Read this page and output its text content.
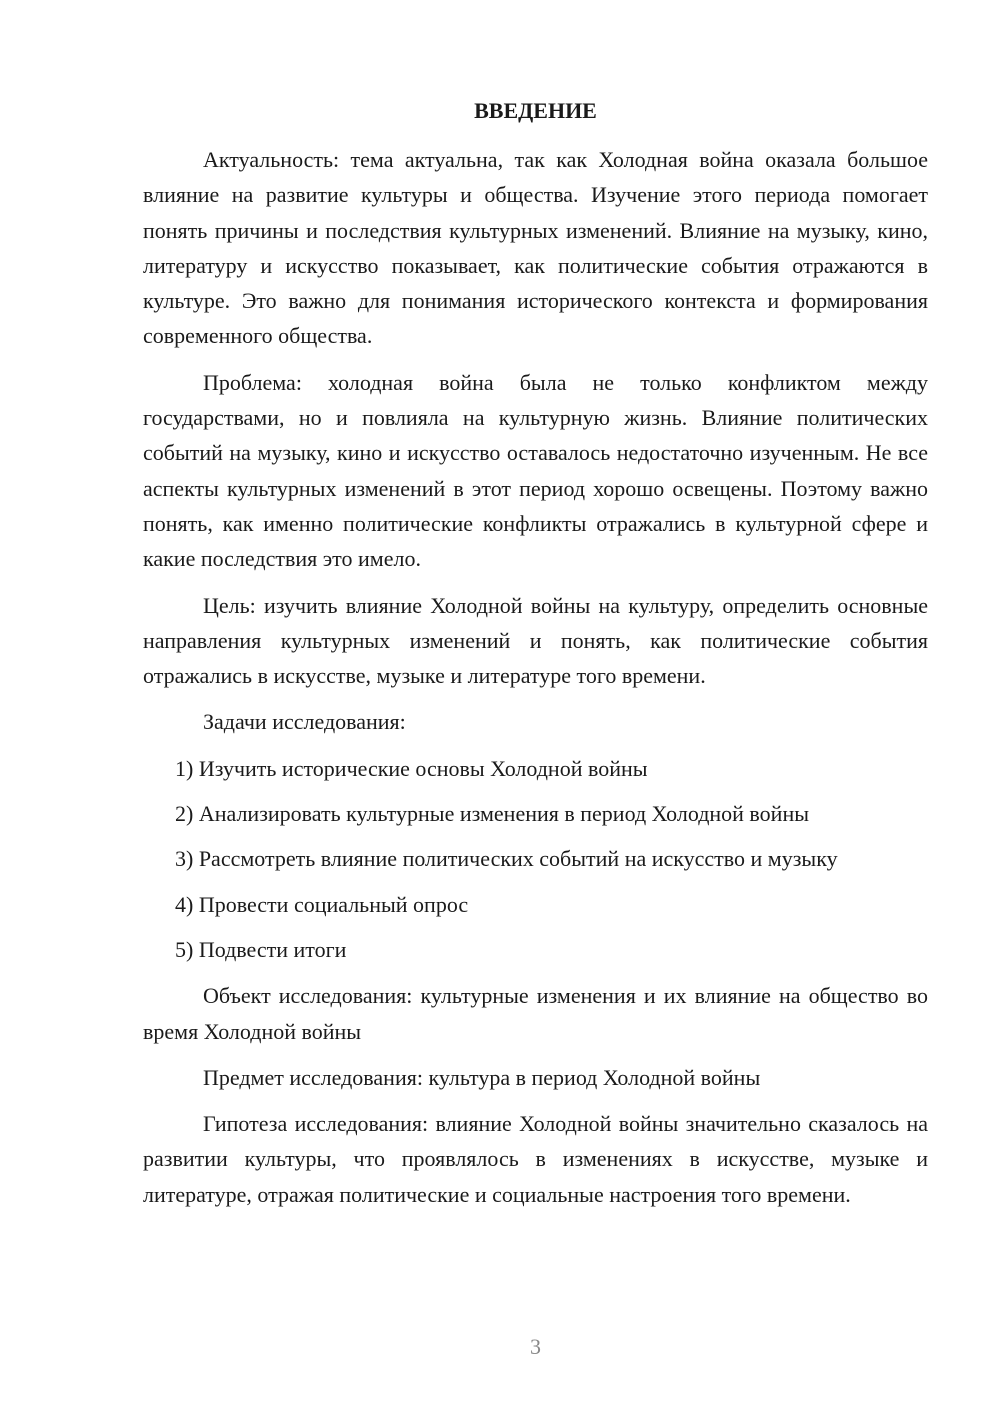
ВВЕДЕНИЕ

Актуальность: тема актуальна, так как Холодная война оказала большое влияние на развитие культуры и общества. Изучение этого периода помогает понять причины и последствия культурных изменений. Влияние на музыку, кино, литературу и искусство показывает, как политические события отражаются в культуре. Это важно для понимания исторического контекста и формирования современного общества.

Проблема: холодная война была не только конфликтом между государствами, но и повлияла на культурную жизнь. Влияние политических событий на музыку, кино и искусство оставалось недостаточно изученным. Не все аспекты культурных изменений в этот период хорошо освещены. Поэтому важно понять, как именно политические конфликты отражались в культурной сфере и какие последствия это имело.

Цель: изучить влияние Холодной войны на культуру, определить основные направления культурных изменений и понять, как политические события отражались в искусстве, музыке и литературе того времени.

Задачи исследования:

1) Изучить исторические основы Холодной войны
2) Анализировать культурные изменения в период Холодной войны
3) Рассмотреть влияние политических событий на искусство и музыку
4) Провести социальный опрос
5) Подвести итоги

Объект исследования: культурные изменения и их влияние на общество во время Холодной войны

Предмет исследования: культура в период Холодной войны

Гипотеза исследования: влияние Холодной войны значительно сказалось на развитии культуры, что проявлялось в изменениях в искусстве, музыке и литературе, отражая политические и социальные настроения того времени.

3
